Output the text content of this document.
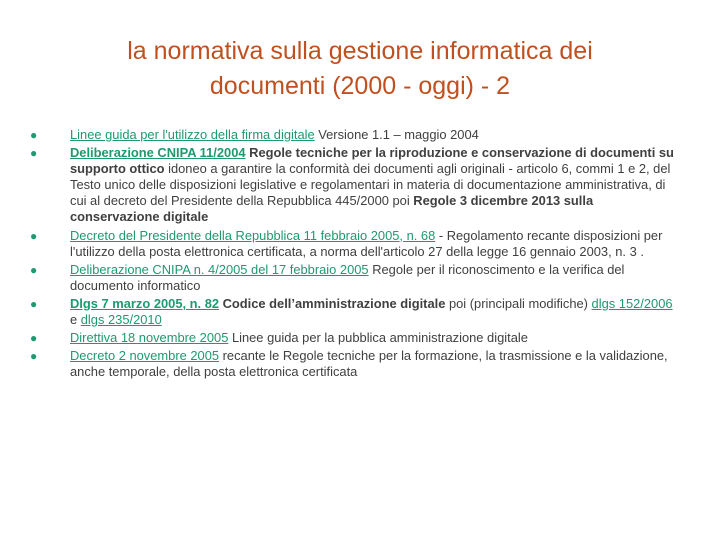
la normativa sulla gestione informatica dei
documenti (2000 - oggi) - 2
●	Linee guida per l'utilizzo della firma digitale Versione 1.1 – maggio 2004
●	Deliberazione CNIPA 11/2004 Regole tecniche per la riproduzione e conservazione di documenti su supporto ottico idoneo a garantire la conformità dei documenti agli originali - articolo 6, commi 1 e 2, del Testo unico delle disposizioni legislative e regolamentari in materia di documentazione amministrativa, di cui al decreto del Presidente della Repubblica 445/2000 poi Regole 3 dicembre 2013 sulla conservazione digitale
●	Decreto del Presidente della Repubblica 11 febbraio 2005, n. 68 - Regolamento recante disposizioni per l'utilizzo della posta elettronica certificata, a norma dell'articolo 27 della legge 16 gennaio 2003, n. 3 .
●	Deliberazione CNIPA n. 4/2005 del 17 febbraio 2005 Regole per il riconoscimento e la verifica del documento informatico
●	Dlgs 7 marzo 2005, n. 82 Codice dell’amministrazione digitale poi (principali modifiche) dlgs 152/2006 e dlgs 235/2010
●	Direttiva 18 novembre 2005 Linee guida per la pubblica amministrazione digitale
●	Decreto 2 novembre 2005 recante le Regole tecniche per la formazione, la trasmissione e la validazione, anche temporale, della posta elettronica certificata
